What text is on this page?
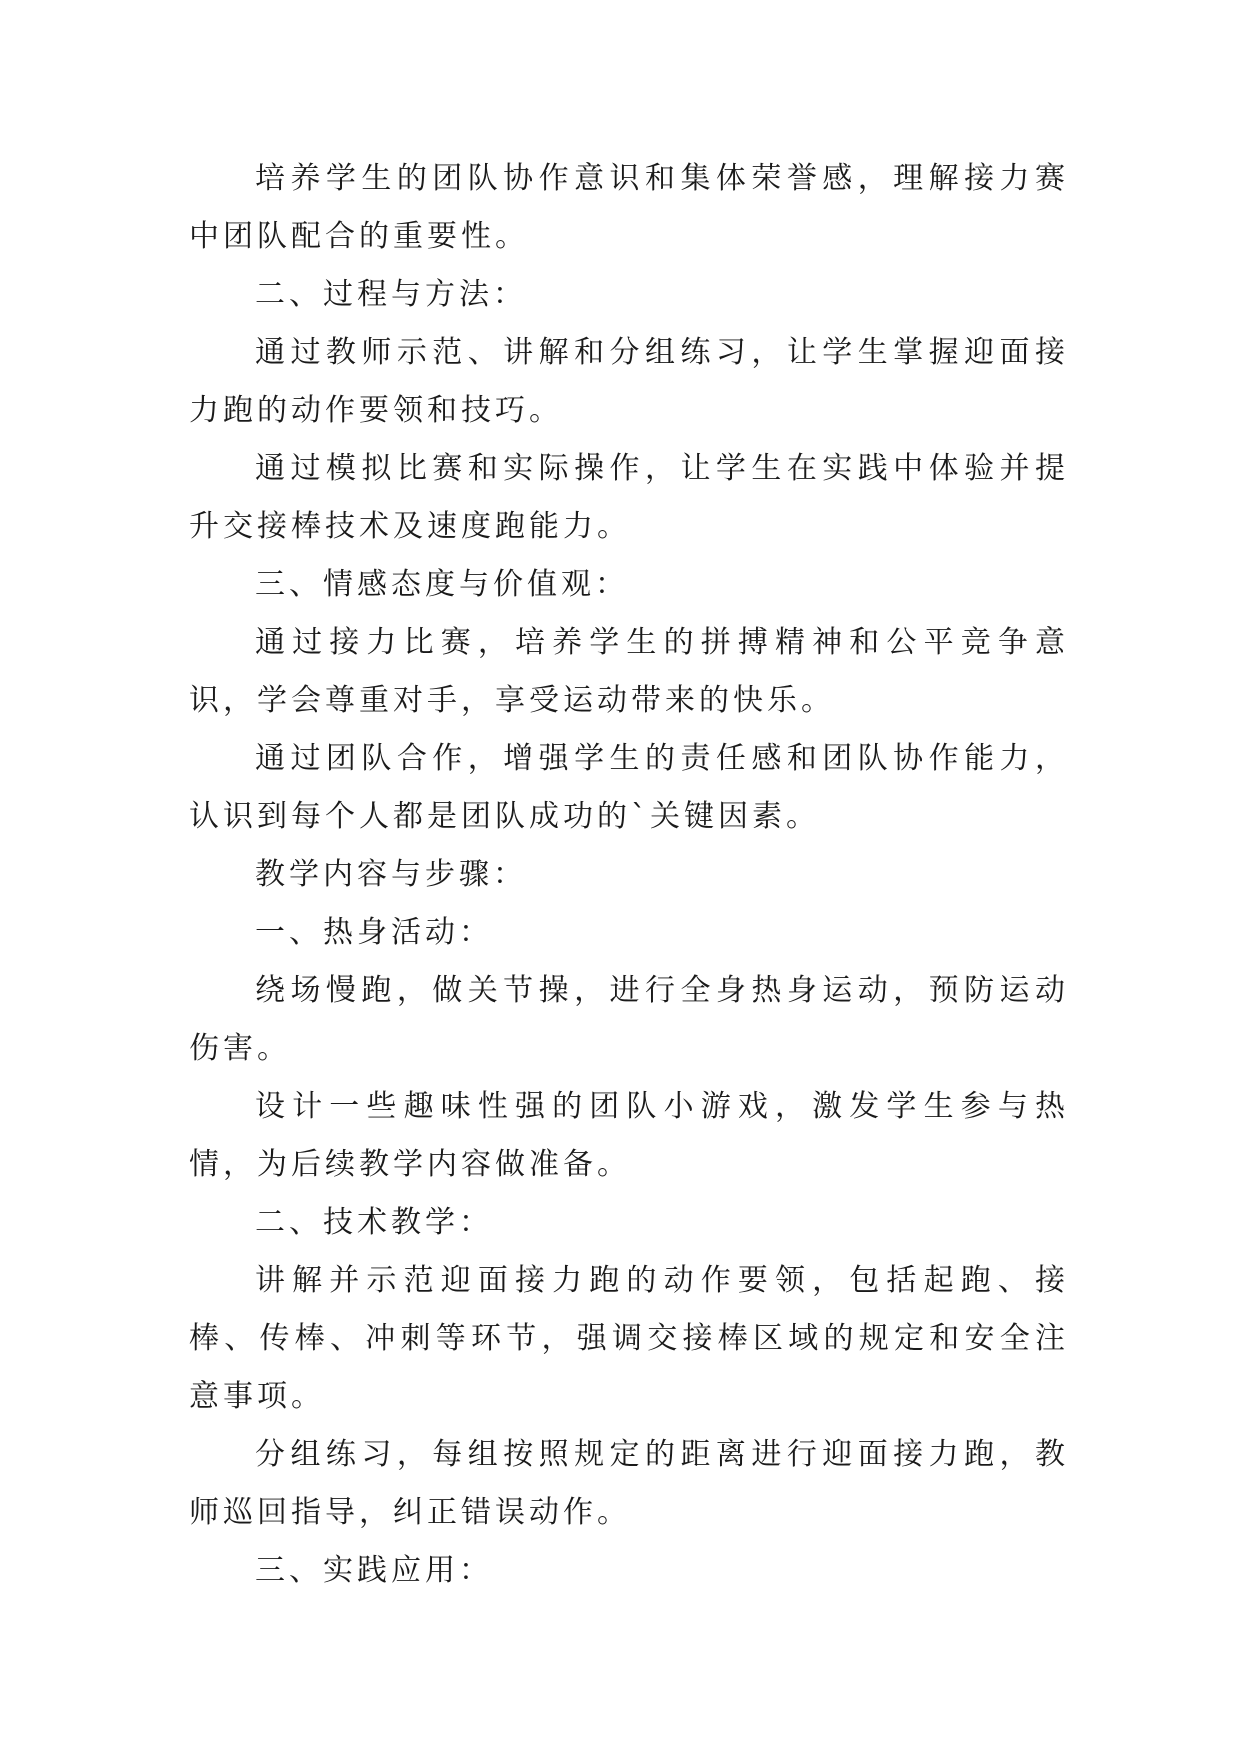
培养学生的团队协作意识和集体荣誉感，理解接力赛中团队配合的重要性。

二、过程与方法：

通过教师示范、讲解和分组练习，让学生掌握迎面接力跑的动作要领和技巧。

通过模拟比赛和实际操作，让学生在实践中体验并提升交接棒技术及速度跑能力。

三、情感态度与价值观：

通过接力比赛，培养学生的拼搏精神和公平竞争意识，学会尊重对手，享受运动带来的快乐。

通过团队合作，增强学生的责任感和团队协作能力，认识到每个人都是团队成功的`关键因素。

教学内容与步骤：

一、热身活动：

绕场慢跑，做关节操，进行全身热身运动，预防运动伤害。

设计一些趣味性强的团队小游戏，激发学生参与热情，为后续教学内容做准备。

二、技术教学：

讲解并示范迎面接力跑的动作要领，包括起跑、接棒、传棒、冲刺等环节，强调交接棒区域的规定和安全注意事项。

分组练习，每组按照规定的距离进行迎面接力跑，教师巡回指导，纠正错误动作。

三、实践应用：
